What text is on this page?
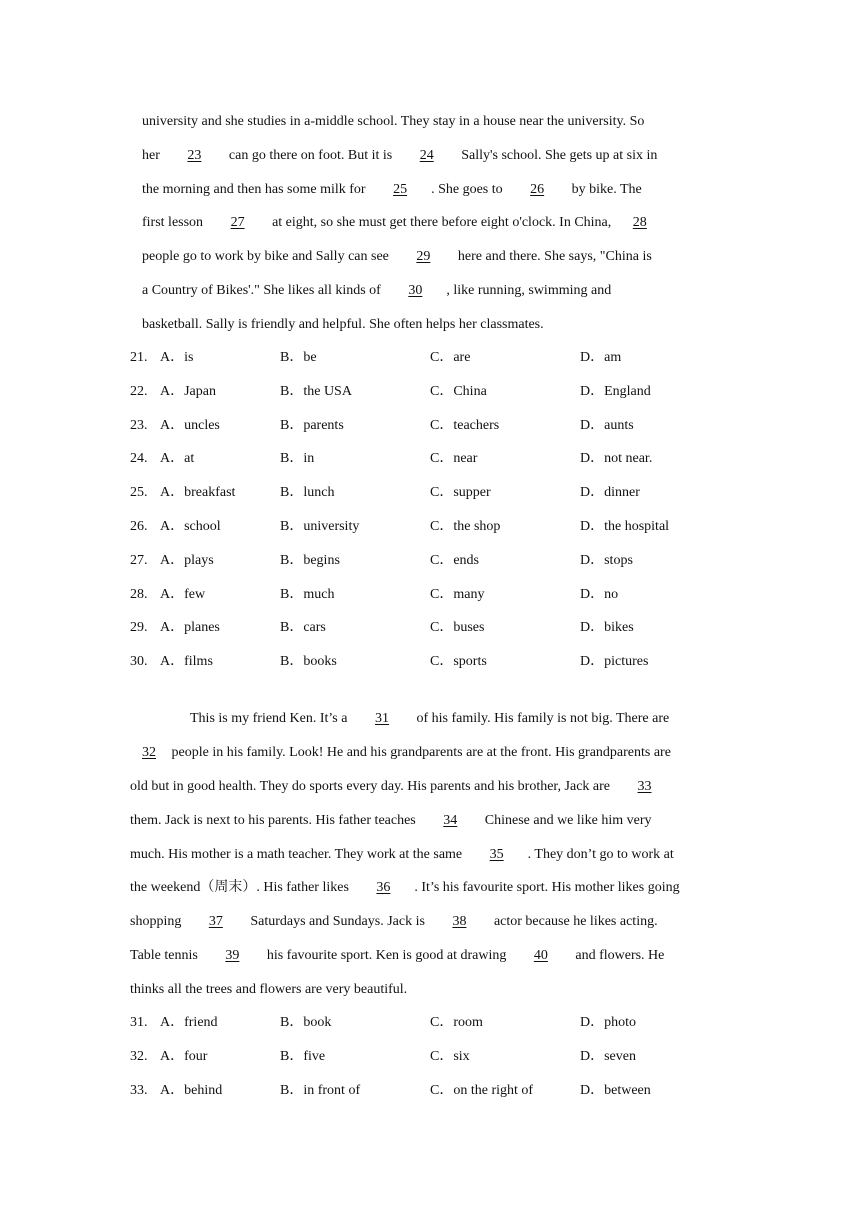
university and she studies in a-middle school. They stay in a house near the university. So
her 23 can go there on foot. But it is 24 Sally's school. She gets up at six in
the morning and then has some milk for 25 . She goes to 26 by bike. The
first lesson 27 at eight, so she must get there before eight o'clock. In China, 28
people go to work by bike and Sally can see 29 here and there. She says, "China is
a Country of Bikes'." She likes all kinds of 30 , like running, swimming and
basketball. Sally is friendly and helpful. She often helps her classmates.
21. A．is	B．be	C．are	D．am
22. A．Japan	B．the USA	C．China	D．England
23. A．uncles	B．parents	C．teachers	D．aunts
24. A．at	B．in	C．near	D．not near.
25. A．breakfast	B．lunch	C．supper	D．dinner
26. A．school	B．university	C．the shop	D．the hospital
27. A．plays	B．begins	C．ends	D．stops
28. A．few	B．much	C．many	D．no
29. A．planes	B．cars	C．buses	D．bikes
30. A．films	B．books	C．sports	D．pictures
This is my friend Ken. It’s a 31 of his family. His family is not big. There are
32 people in his family. Look! He and his grandparents are at the front. His grandparents are
old but in good health. They do sports every day. His parents and his brother, Jack are 33
them. Jack is next to his parents. His father teaches 34 Chinese and we like him very
much. His mother is a math teacher. They work at the same 35 . They don’t go to work at
the weekend（周末）. His father likes 36 . It’s his favourite sport. His mother likes going
shopping 37 Saturdays and Sundays. Jack is 38 actor because he likes acting.
Table tennis 39 his favourite sport. Ken is good at drawing 40 and flowers. He
thinks all the trees and flowers are very beautiful.
31. A．friend	B．book	C．room	D．photo
32. A．four	B．five	C．six	D．seven
33. A．behind	B．in front of	C．on the right of	D．between
